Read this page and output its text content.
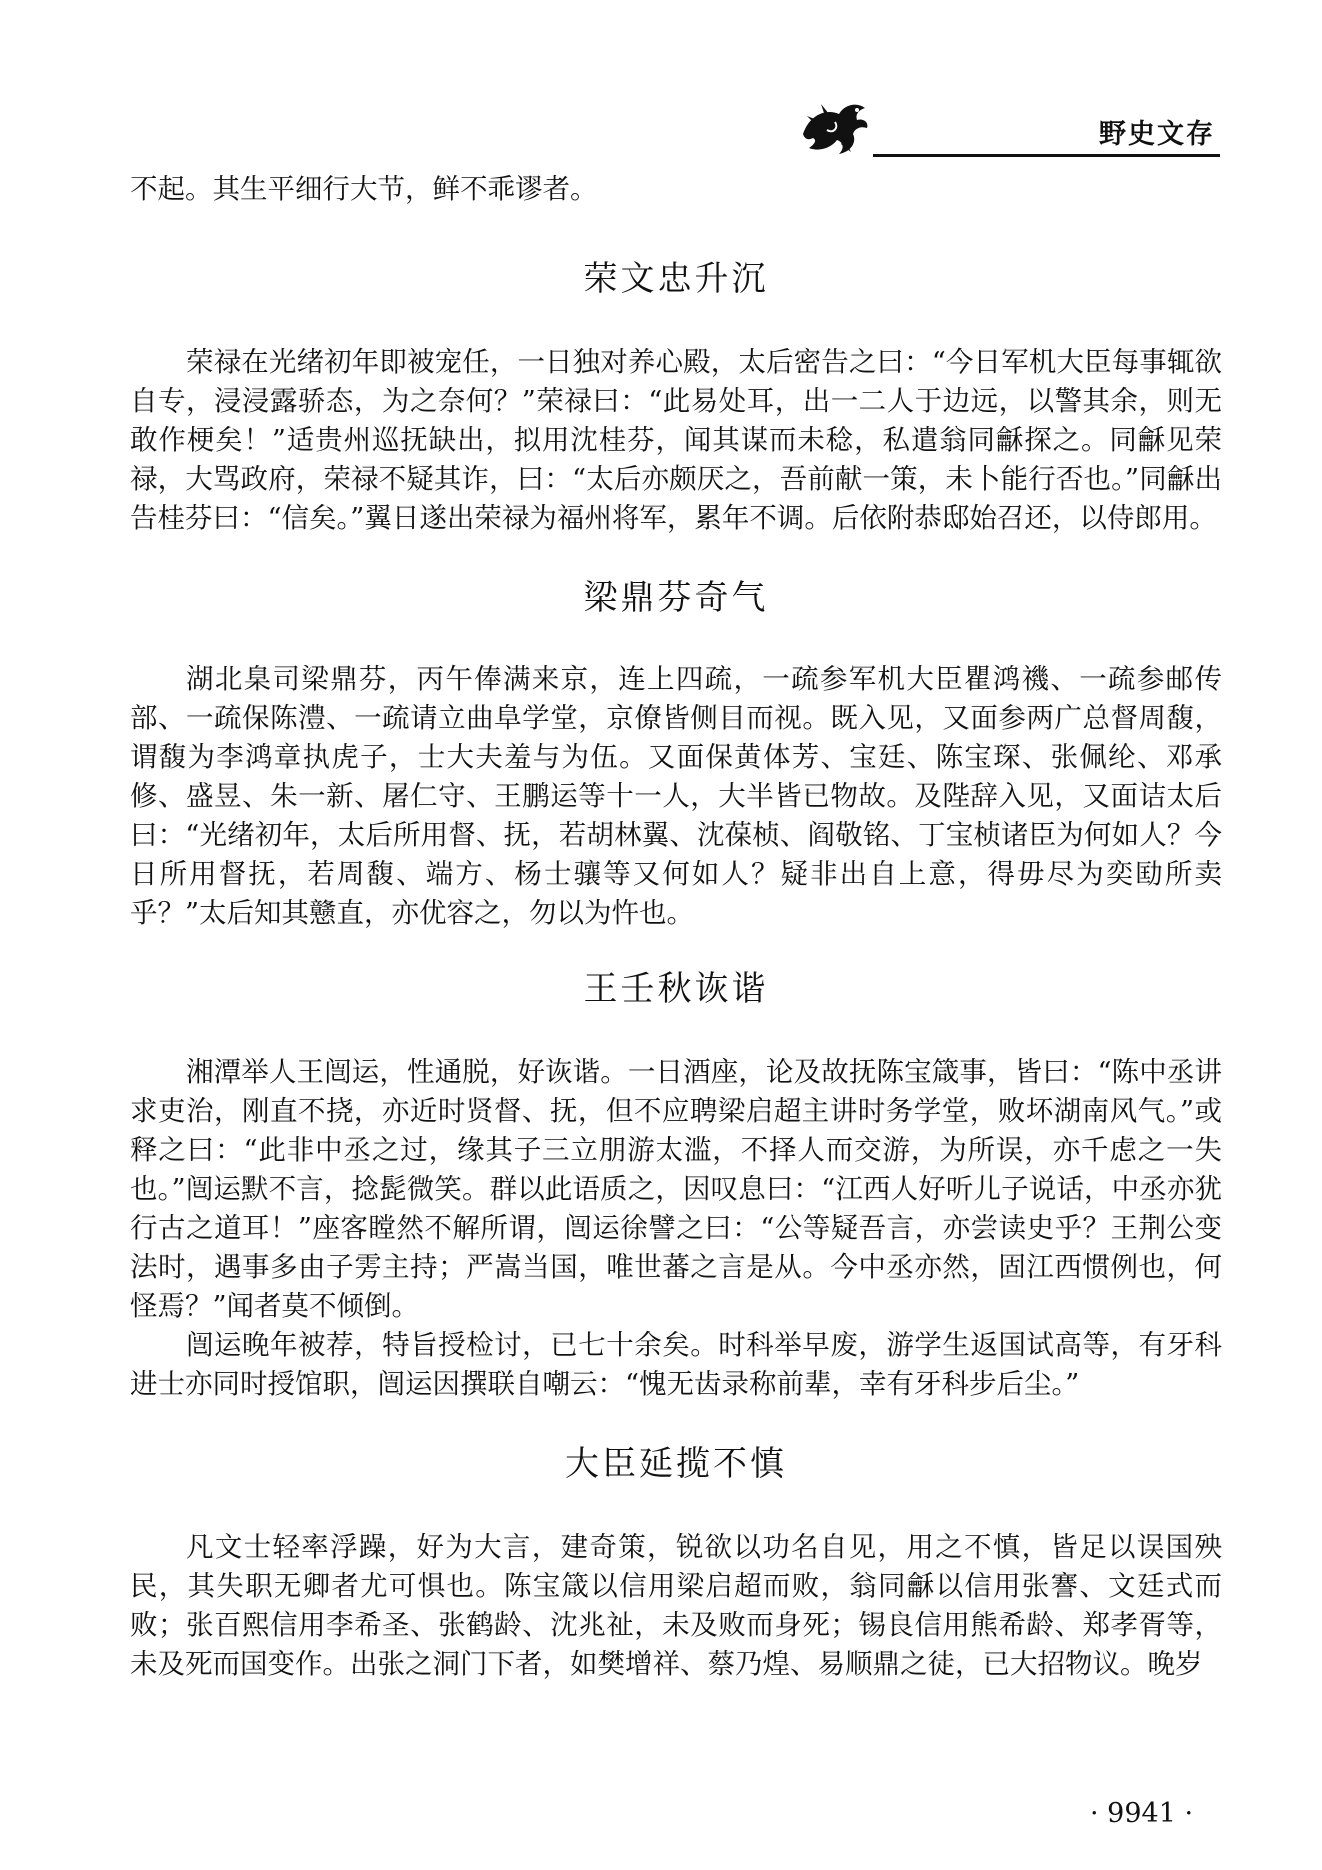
野史文存

不起。其生平细行大节，鲜不乖谬者。

荣文忠升沉

荣禄在光绪初年即被宠任，一日独对养心殿，太后密告之曰：“今日军机大臣每事辄欲自专，浸浸露骄态，为之奈何？”荣禄曰：“此易处耳，出一二人于边远，以警其余，则无敢作梗矣！”适贵州巡抚缺出，拟用沈桂芬，闻其谋而未稔，私遣翁同龢探之。同龢见荣禄，大骂政府，荣禄不疑其诈，曰：“太后亦颇厌之，吾前献一策，未卜能行否也。”同龢出告桂芬曰：“信矣。”翼日遂出荣禄为福州将军，累年不调。后依附恭邸始召还，以侍郎用。

梁鼎芬奇气

湖北臬司梁鼎芬，丙午俸满来京，连上四疏，一疏参军机大臣瞿鸿禨、一疏参邮传部、一疏保陈澧、一疏请立曲阜学堂，京僚皆侧目而视。既入见，又面参两广总督周馥，谓馥为李鸿章执虎子，士大夫羞与为伍。又面保黄体芳、宝廷、陈宝琛、张佩纶、邓承修、盛昱、朱一新、屠仁守、王鹏运等十一人，大半皆已物故。及陛辞入见，又面诘太后曰：“光绪初年，太后所用督、抚，若胡林翼、沈葆桢、阎敬铭、丁宝桢诸臣为何如人？今日所用督抚，若周馥、端方、杨士骧等又何如人？疑非出自上意，得毋尽为奕劻所卖乎？”太后知其戆直，亦优容之，勿以为忤也。

王壬秋诙谐

湘潭举人王闿运，性通脱，好诙谐。一日酒座，论及故抚陈宝箴事，皆曰：“陈中丞讲求吏治，刚直不挠，亦近时贤督、抚，但不应聘梁启超主讲时务学堂，败坏湖南风气。”或释之曰：“此非中丞之过，缘其子三立朋游太滥，不择人而交游，为所误，亦千虑之一失也。”闿运默不言，捻髭微笑。群以此语质之，因叹息曰：“江西人好听儿子说话，中丞亦犹行古之道耳！”座客瞠然不解所谓，闿运徐譬之曰：“公等疑吾言，亦尝读史乎？王荆公变法时，遇事多由子雱主持；严嵩当国，唯世蕃之言是从。今中丞亦然，固江西惯例也，何怪焉？”闻者莫不倾倒。

闿运晚年被荐，特旨授检讨，已七十余矣。时科举早废，游学生返国试高等，有牙科进士亦同时授馆职，闿运因撰联自嘲云：“愧无齿录称前辈，幸有牙科步后尘。”

大臣延揽不慎

凡文士轻率浮躁，好为大言，建奇策，锐欲以功名自见，用之不慎，皆足以误国殃民，其失职无卿者尤可惧也。陈宝箴以信用梁启超而败，翁同龢以信用张謇、文廷式而败；张百熙信用李希圣、张鹤龄、沈兆祉，未及败而身死；锡良信用熊希龄、郑孝胥等，未及死而国变作。出张之洞门下者，如樊增祥、蔡乃煌、易顺鼎之徒，已大招物议。晚岁

· 9941 ·
